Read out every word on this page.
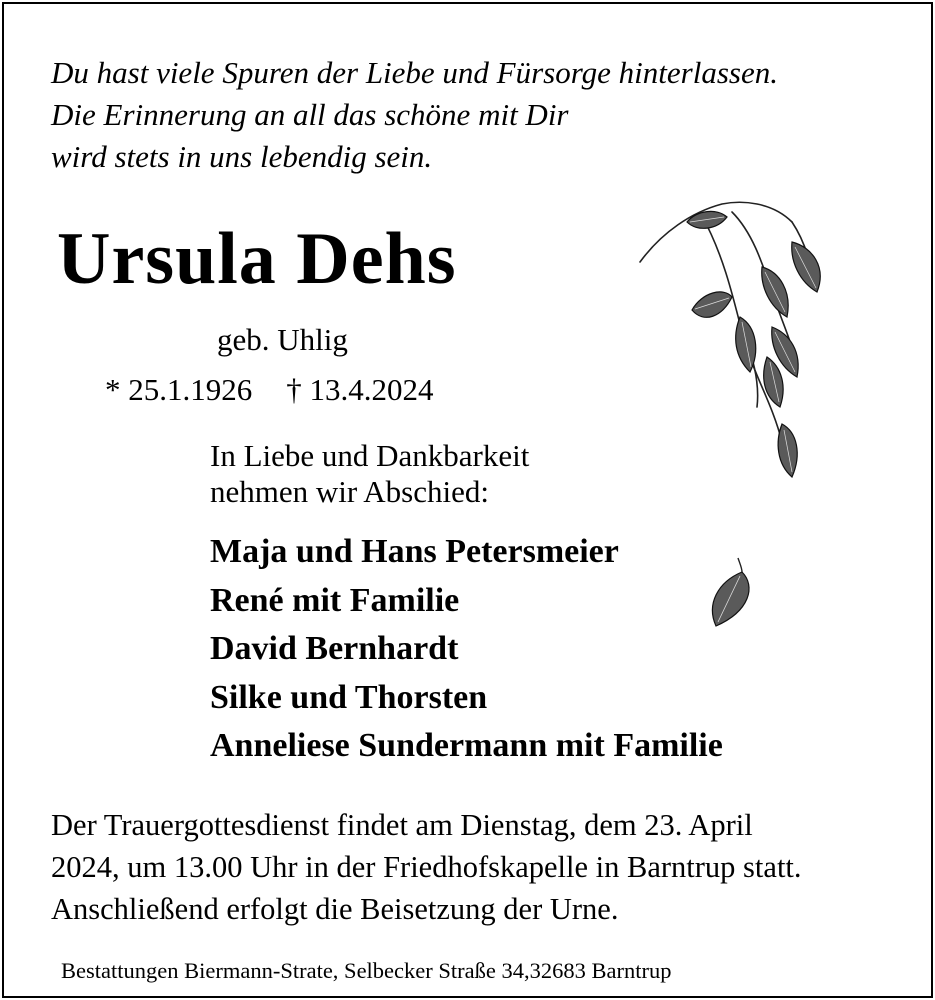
Du hast viele Spuren der Liebe und Fürsorge hinterlassen.
Die Erinnerung an all das schöne mit Dir
wird stets in uns lebendig sein.
Ursula Dehs
geb. Uhlig
* 25.1.1926 † 13.4.2024
In Liebe und Dankbarkeit
nehmen wir Abschied:
Maja und Hans Petersmeier
René mit Familie
David Bernhardt
Silke und Thorsten
Anneliese Sundermann mit Familie
Der Trauergottesdienst findet am Dienstag, dem 23. April
2024, um 13.00 Uhr in der Friedhofskapelle in Barntrup statt.
Anschließend erfolgt die Beisetzung der Urne.
Bestattungen Biermann-Strate, Selbecker Straße 34,32683 Barntrup
